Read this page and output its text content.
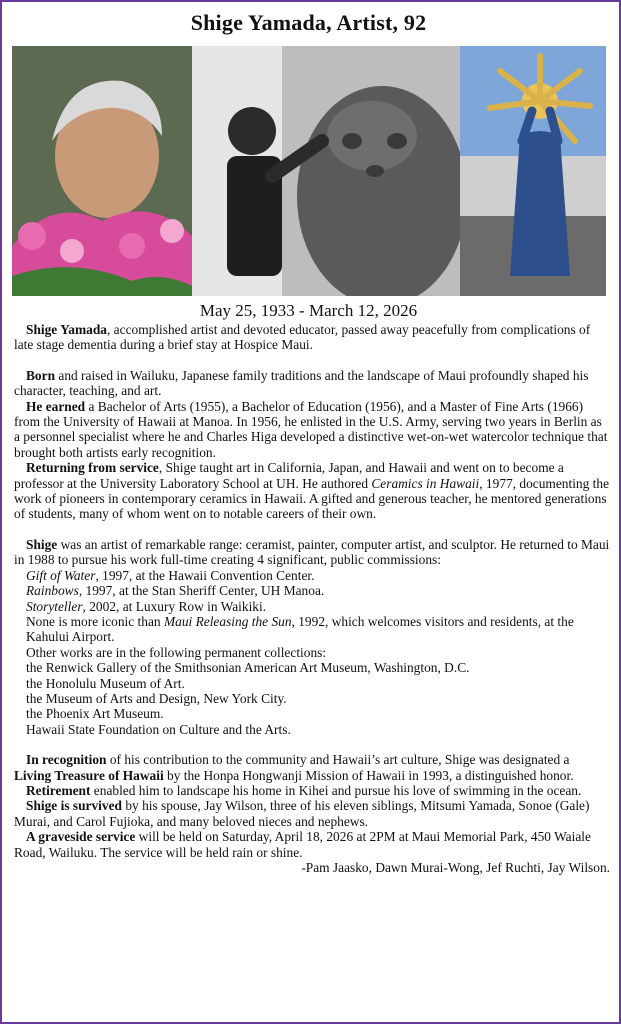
Shige Yamada, Artist, 92
May 25, 1933 - March 12, 2026

Shige Yamada, accomplished artist and devoted educator, passed away peacefully from complications of late stage dementia during a brief stay at Hospice Maui.

Born and raised in Wailuku, Japanese family traditions and the landscape of Maui profoundly shaped his character, teaching, and art.

He earned a Bachelor of Arts (1955), a Bachelor of Education (1956), and a Master of Fine Arts (1966) from the University of Hawaii at Manoa. In 1956, he enlisted in the U.S. Army, serving two years in Berlin as a personnel specialist where he and Charles Higa developed a distinctive wet-on-wet watercolor technique that brought both artists early recognition.

Returning from service, Shige taught art in California, Japan, and Hawaii and went on to become a professor at the University Laboratory School at UH. He authored Ceramics in Hawaii, 1977, documenting the work of pioneers in contemporary ceramics in Hawaii. A gifted and generous teacher, he mentored generations of students, many of whom went on to notable careers of their own.

Shige was an artist of remarkable range: ceramist, painter, computer artist, and sculptor. He returned to Maui in 1988 to pursue his work full-time creating 4 significant, public commissions:

Gift of Water, 1997, at the Hawaii Convention Center.

Rainbows, 1997, at the Stan Sheriff Center, UH Manoa.

Storyteller, 2002, at Luxury Row in Waikiki.

None is more iconic than Maui Releasing the Sun, 1992, which welcomes visitors and residents, at the Kahului Airport.

Other works are in the following permanent collections:

the Renwick Gallery of the Smithsonian American Art Museum, Washington, D.C.

the Honolulu Museum of Art.

the Museum of Arts and Design, New York City.

the Phoenix Art Museum.

Hawaii State Foundation on Culture and the Arts.

In recognition of his contribution to the community and Hawaii’s art culture, Shige was designated a Living Treasure of Hawaii by the Honpa Hongwanji Mission of Hawaii in 1993, a distinguished honor.

Retirement enabled him to landscape his home in Kihei and pursue his love of swimming in the ocean.

Shige is survived by his spouse, Jay Wilson, three of his eleven siblings, Mitsumi Yamada, Sonoe (Gale) Murai, and Carol Fujioka, and many beloved nieces and nephews.

A graveside service will be held on Saturday, April 18, 2026 at 2PM at Maui Memorial Park, 450 Waiale Road, Wailuku. The service will be held rain or shine.

-Pam Jaasko, Dawn Murai-Wong, Jef Ruchti, Jay Wilson.
